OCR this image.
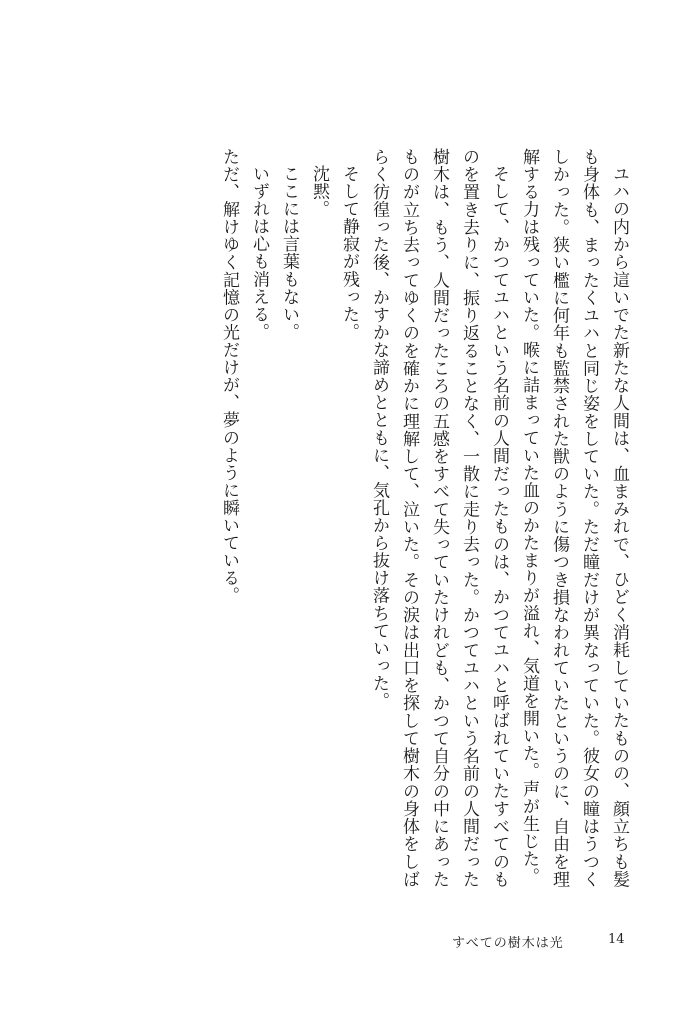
ユハの内から這いでた新たな人間は、血まみれで、ひどく消耗していたものの、顔立ちも髪も身体も、まったくユハと同じ姿をしていた。ただ瞳だけが異なっていた。彼女の瞳はうつくしかった。狭い檻に何年も監禁された獣のように傷つき損なわれていたというのに、自由を理解する力は残っていた。喉に詰まっていた血のかたまりが溢れ、気道を開いた。声が生じた。

そして、かつてユハという名前の人間だったものは、かつてユハと呼ばれていたすべてのものを置き去りに、振り返ることなく、一散に走り去った。かつてユハという名前の人間だった樹木は、もう、人間だったころの五感をすべて失っていたけれども、かつて自分の中にあったものが立ち去ってゆくのを確かに理解して、泣いた。その涙は出口を探して樹木の身体をしばらく彷徨った後、かすかな諦めとともに、気孔から抜け落ちていった。

そして静寂が残った。

沈黙。

ここには言葉もない。

いずれは心も消える。

ただ、解けゆく記憶の光だけが、夢のように瞬いている。

すべての樹木は光	14
